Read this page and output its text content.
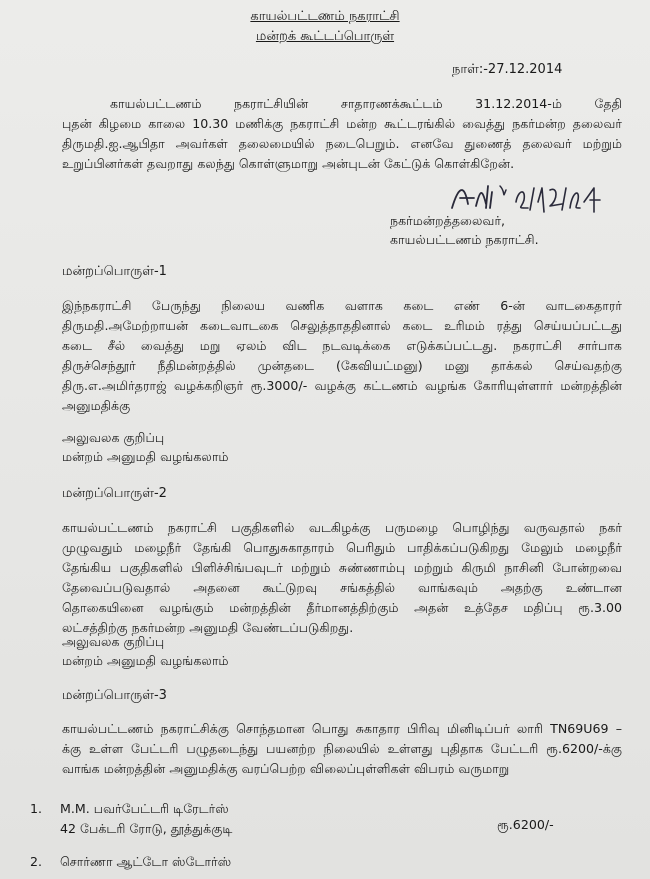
காயல்பட்டணம் நகராட்சி
மன்றக் கூட்டப்பொருள்
நாள்:-27.12.2014
காயல்பட்டணம் நகராட்சியின் சாதாரணக்கூட்டம் 31.12.2014-ம் தேதி
புதன் கிழமை காலை 10.30 மணிக்கு நகராட்சி மன்ற கூட்டரங்கில் வைத்து நகர்மன்ற தலைவர்
திருமதி.ஐ.ஆபிதா அவர்கள் தலைமையில் நடைபெறும். எனவே துணைத் தலைவர் மற்றும்
உறுப்பினர்கள் தவறாது கலந்து கொள்ளுமாறு அன்புடன் கேட்டுக் கொள்கிறேன்.
நகர்மன்றத்தலைவர்,
காயல்பட்டணம் நகராட்சி.
மன்றப்பொருள்-1
இந்நகராட்சி பேருந்து நிலைய வணிக வளாக கடை எண் 6-ன் வாடகைதாரர்
திருமதி.அமேற்றாயன் கடைவாடகை செலுத்தாததினால் கடை உரிமம் ரத்து செய்யப்பட்டது
கடை சீல் வைத்து மறு ஏலம் விட நடவடிக்கை எடுக்கப்பட்டது. நகராட்சி சார்பாக
திருச்செந்தூர் நீதிமன்றத்தில் முன்தடை (கேவியட்மனு) மனு தாக்கல் செய்வதற்கு
திரு.எ.அமிர்தராஜ் வழக்கறிஞர் ரூ.3000/- வழக்கு கட்டணம் வழங்க கோரியுள்ளார் மன்றத்தின்
அனுமதிக்கு
அலுவலக குறிப்பு
மன்றம் அனுமதி வழங்கலாம்
மன்றப்பொருள்-2
காயல்பட்டணம் நகராட்சி பகுதிகளில் வடகிழக்கு பருமழை பொழிந்து வருவதால் நகர்
முழுவதும் மழைநீர் தேங்கி பொதுசுகாதாரம் பெரிதும் பாதிக்கப்படுகிறது மேலும் மழைநீர்
தேங்கிய பகுதிகளில் பிளிச்சிங்பவுடர் மற்றும் சுண்ணாம்பு மற்றும் கிருமி நாசினி போன்றவை
தேவைப்படுவதால் அதனை கூட்டுறவு சங்கத்தில் வாங்கவும் அதற்கு உண்டான
தொகையினை வழங்கும் மன்றத்தின் தீர்மானத்திற்கும் அதன் உத்தேச மதிப்பு ரூ.3.00
லட்சத்திற்கு நகர்மன்ற அனுமதி வேண்டப்படுகிறது.
அலுவலக குறிப்பு
மன்றம் அனுமதி வழங்கலாம்
மன்றப்பொருள்-3
காயல்பட்டணம் நகராட்சிக்கு சொந்தமான பொது சுகாதார பிரிவு மினிடிப்பர் லாரி TN69U69 –
க்கு உள்ள பேட்டரி பழுதடைந்து பயனற்ற நிலையில் உள்ளது புதிதாக பேட்டரி ரூ.6200/-க்கு
வாங்க மன்றத்தின் அனுமதிக்கு வரப்பெற்ற விலைப்புள்ளிகள் விபரம் வருமாறு
1. M.M. பவர்பேட்டரி டிரேடர்ஸ்
42 பேக்டரி ரோடு, தூத்துக்குடி	ரூ.6200/-
2. சொர்ணா ஆட்டோ ஸ்டோர்ஸ்
